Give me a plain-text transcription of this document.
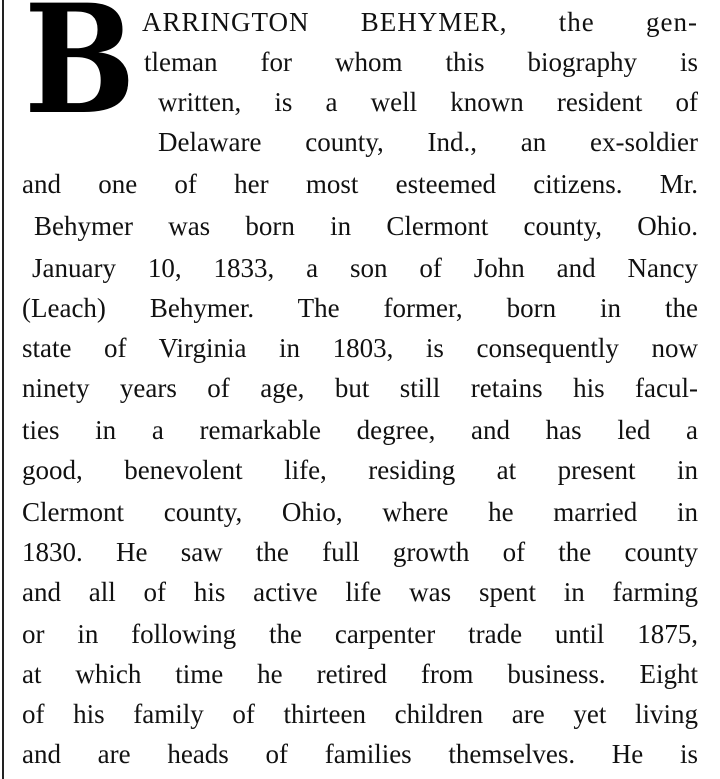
B ARRINGTON BEHYMER, the gen-
tleman for whom this biography is
written, is a well known resident of
Delaware county, Ind., an ex-soldier
and one of her most esteemed citizens. Mr.
Behymer was born in Clermont county, Ohio.
January 10, 1833, a son of John and Nancy
(Leach) Behymer. The former, born in the
state of Virginia in 1803, is consequently now
ninety years of age, but still retains his facul-
ties in a remarkable degree, and has led a
good, benevolent life, residing at present in
Clermont county, Ohio, where he married in
1830. He saw the full growth of the county
and all of his active life was spent in farming
or in following the carpenter trade until 1875,
at which time he retired from business. Eight
of his family of thirteen children are yet living
and are heads of families themselves. He is
